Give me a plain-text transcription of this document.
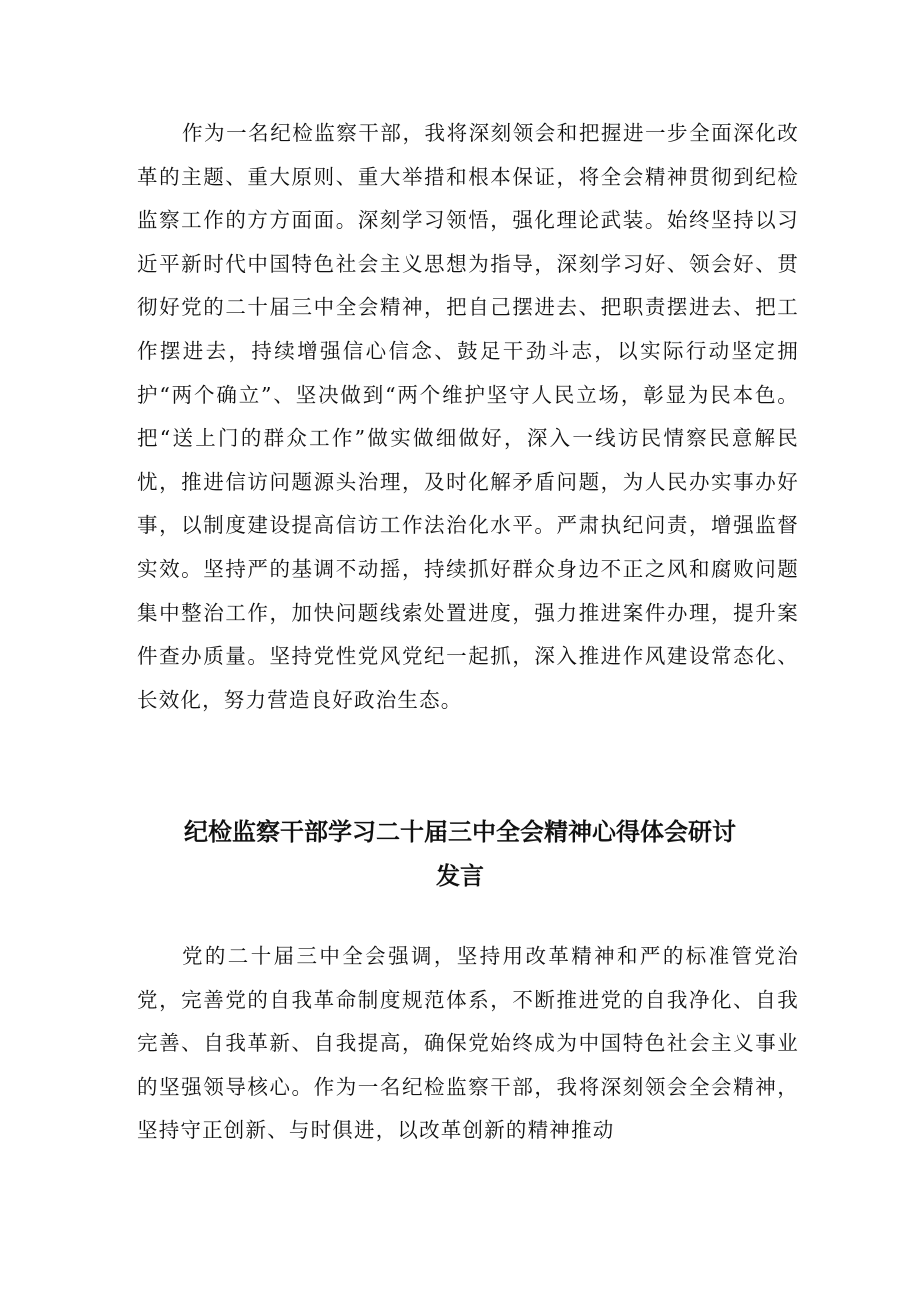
作为一名纪检监察干部，我将深刻领会和把握进一步全面深化改革的主题、重大原则、重大举措和根本保证，将全会精神贯彻到纪检监察工作的方方面面。深刻学习领悟，强化理论武装。始终坚持以习近平新时代中国特色社会主义思想为指导，深刻学习好、领会好、贯彻好党的二十届三中全会精神，把自己摆进去、把职责摆进去、把工作摆进去，持续增强信心信念、鼓足干劲斗志，以实际行动坚定拥护“两个确立”、坚决做到“两个维护坚守人民立场，彰显为民本色。把“送上门的群众工作”做实做细做好，深入一线访民情察民意解民忧，推进信访问题源头治理，及时化解矛盾问题，为人民办实事办好事，以制度建设提高信访工作法治化水平。严肃执纪问责，增强监督实效。坚持严的基调不动摇，持续抓好群众身边不正之风和腐败问题集中整治工作，加快问题线索处置进度，强力推进案件办理，提升案件查办质量。坚持党性党风党纪一起抓，深入推进作风建设常态化、长效化，努力营造良好政治生态。

纪检监察干部学习二十届三中全会精神心得体会研讨
发言

党的二十届三中全会强调，坚持用改革精神和严的标准管党治党，完善党的自我革命制度规范体系，不断推进党的自我净化、自我完善、自我革新、自我提高，确保党始终成为中国特色社会主义事业的坚强领导核心。作为一名纪检监察干部，我将深刻领会全会精神，坚持守正创新、与时俱进，以改革创新的精神推动
